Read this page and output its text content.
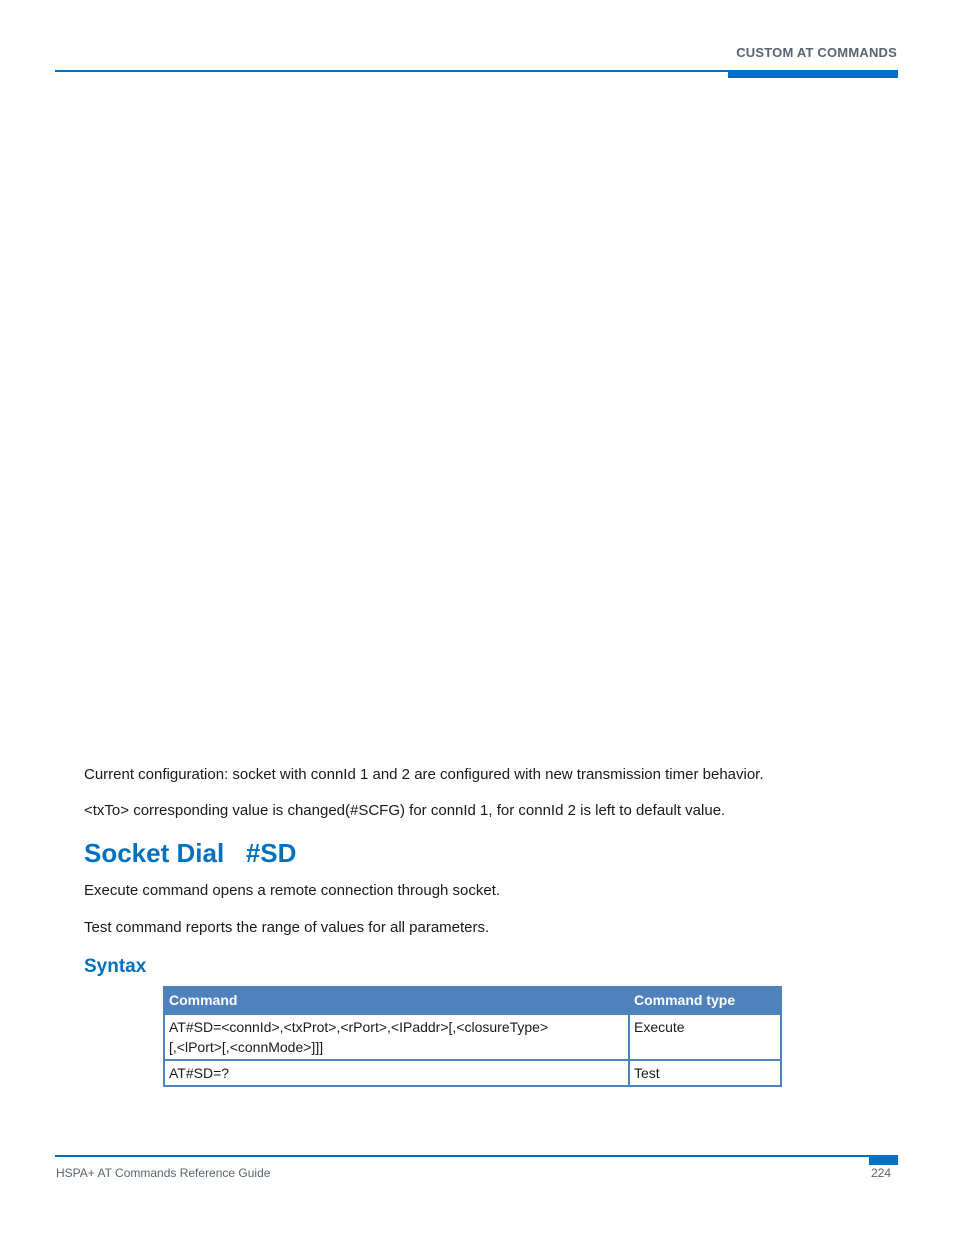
CUSTOM AT COMMANDS
Current configuration: socket with connId 1 and 2 are configured with new transmission timer behavior.
<txTo> corresponding value is changed(#SCFG) for connId 1, for connId 2 is left to default value.
Socket Dial   #SD
Execute command opens a remote connection through socket.
Test command reports the range of values for all parameters.
Syntax
Command	Command type

AT#SD=<connId>,<txProt>,<rPort>,<IPaddr>[,<closureType>
[,<lPort>[,<connMode>]]]	Execute

AT#SD=?	Test
HSPA+ AT Commands Reference Guide	224
